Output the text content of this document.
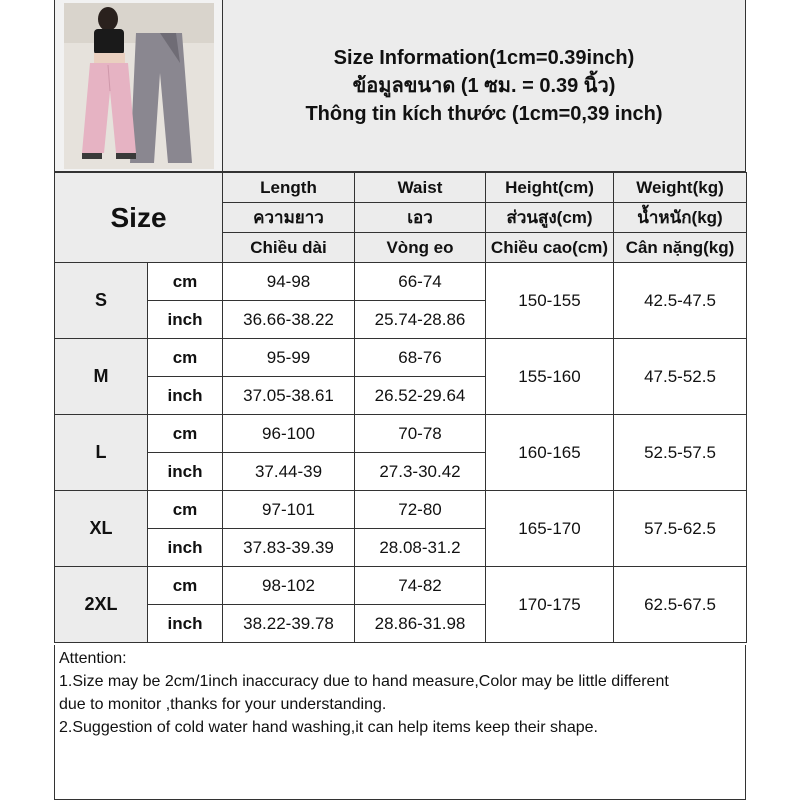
Size Information(1cm=0.39inch)
ข้อมูลขนาด (1 ซม. = 0.39 นิ้ว)
Thông tin kích thước (1cm=0,39 inch)
Size		Length	Waist	Height(cm)	Weight(kg)
		ความยาว	เอว	ส่วนสูง(cm)	น้ำหนัก(kg)
		Chiều dài	Vòng eo	Chiều cao(cm)	Cân nặng(kg)
S	cm	94-98	66-74	150-155	42.5-47.5
	inch	36.66-38.22	25.74-28.86		
M	cm	95-99	68-76	155-160	47.5-52.5
	inch	37.05-38.61	26.52-29.64		
L	cm	96-100	70-78	160-165	52.5-57.5
	inch	37.44-39	27.3-30.42		
XL	cm	97-101	72-80	165-170	57.5-62.5
	inch	37.83-39.39	28.08-31.2		
2XL	cm	98-102	74-82	170-175	62.5-67.5
	inch	38.22-39.78	28.86-31.98		
Attention:
1.Size may be 2cm/1inch inaccuracy due to hand measure,Color may be little different
due to monitor ,thanks for your understanding.
2.Suggestion of cold water hand washing,it can help items keep their shape.
